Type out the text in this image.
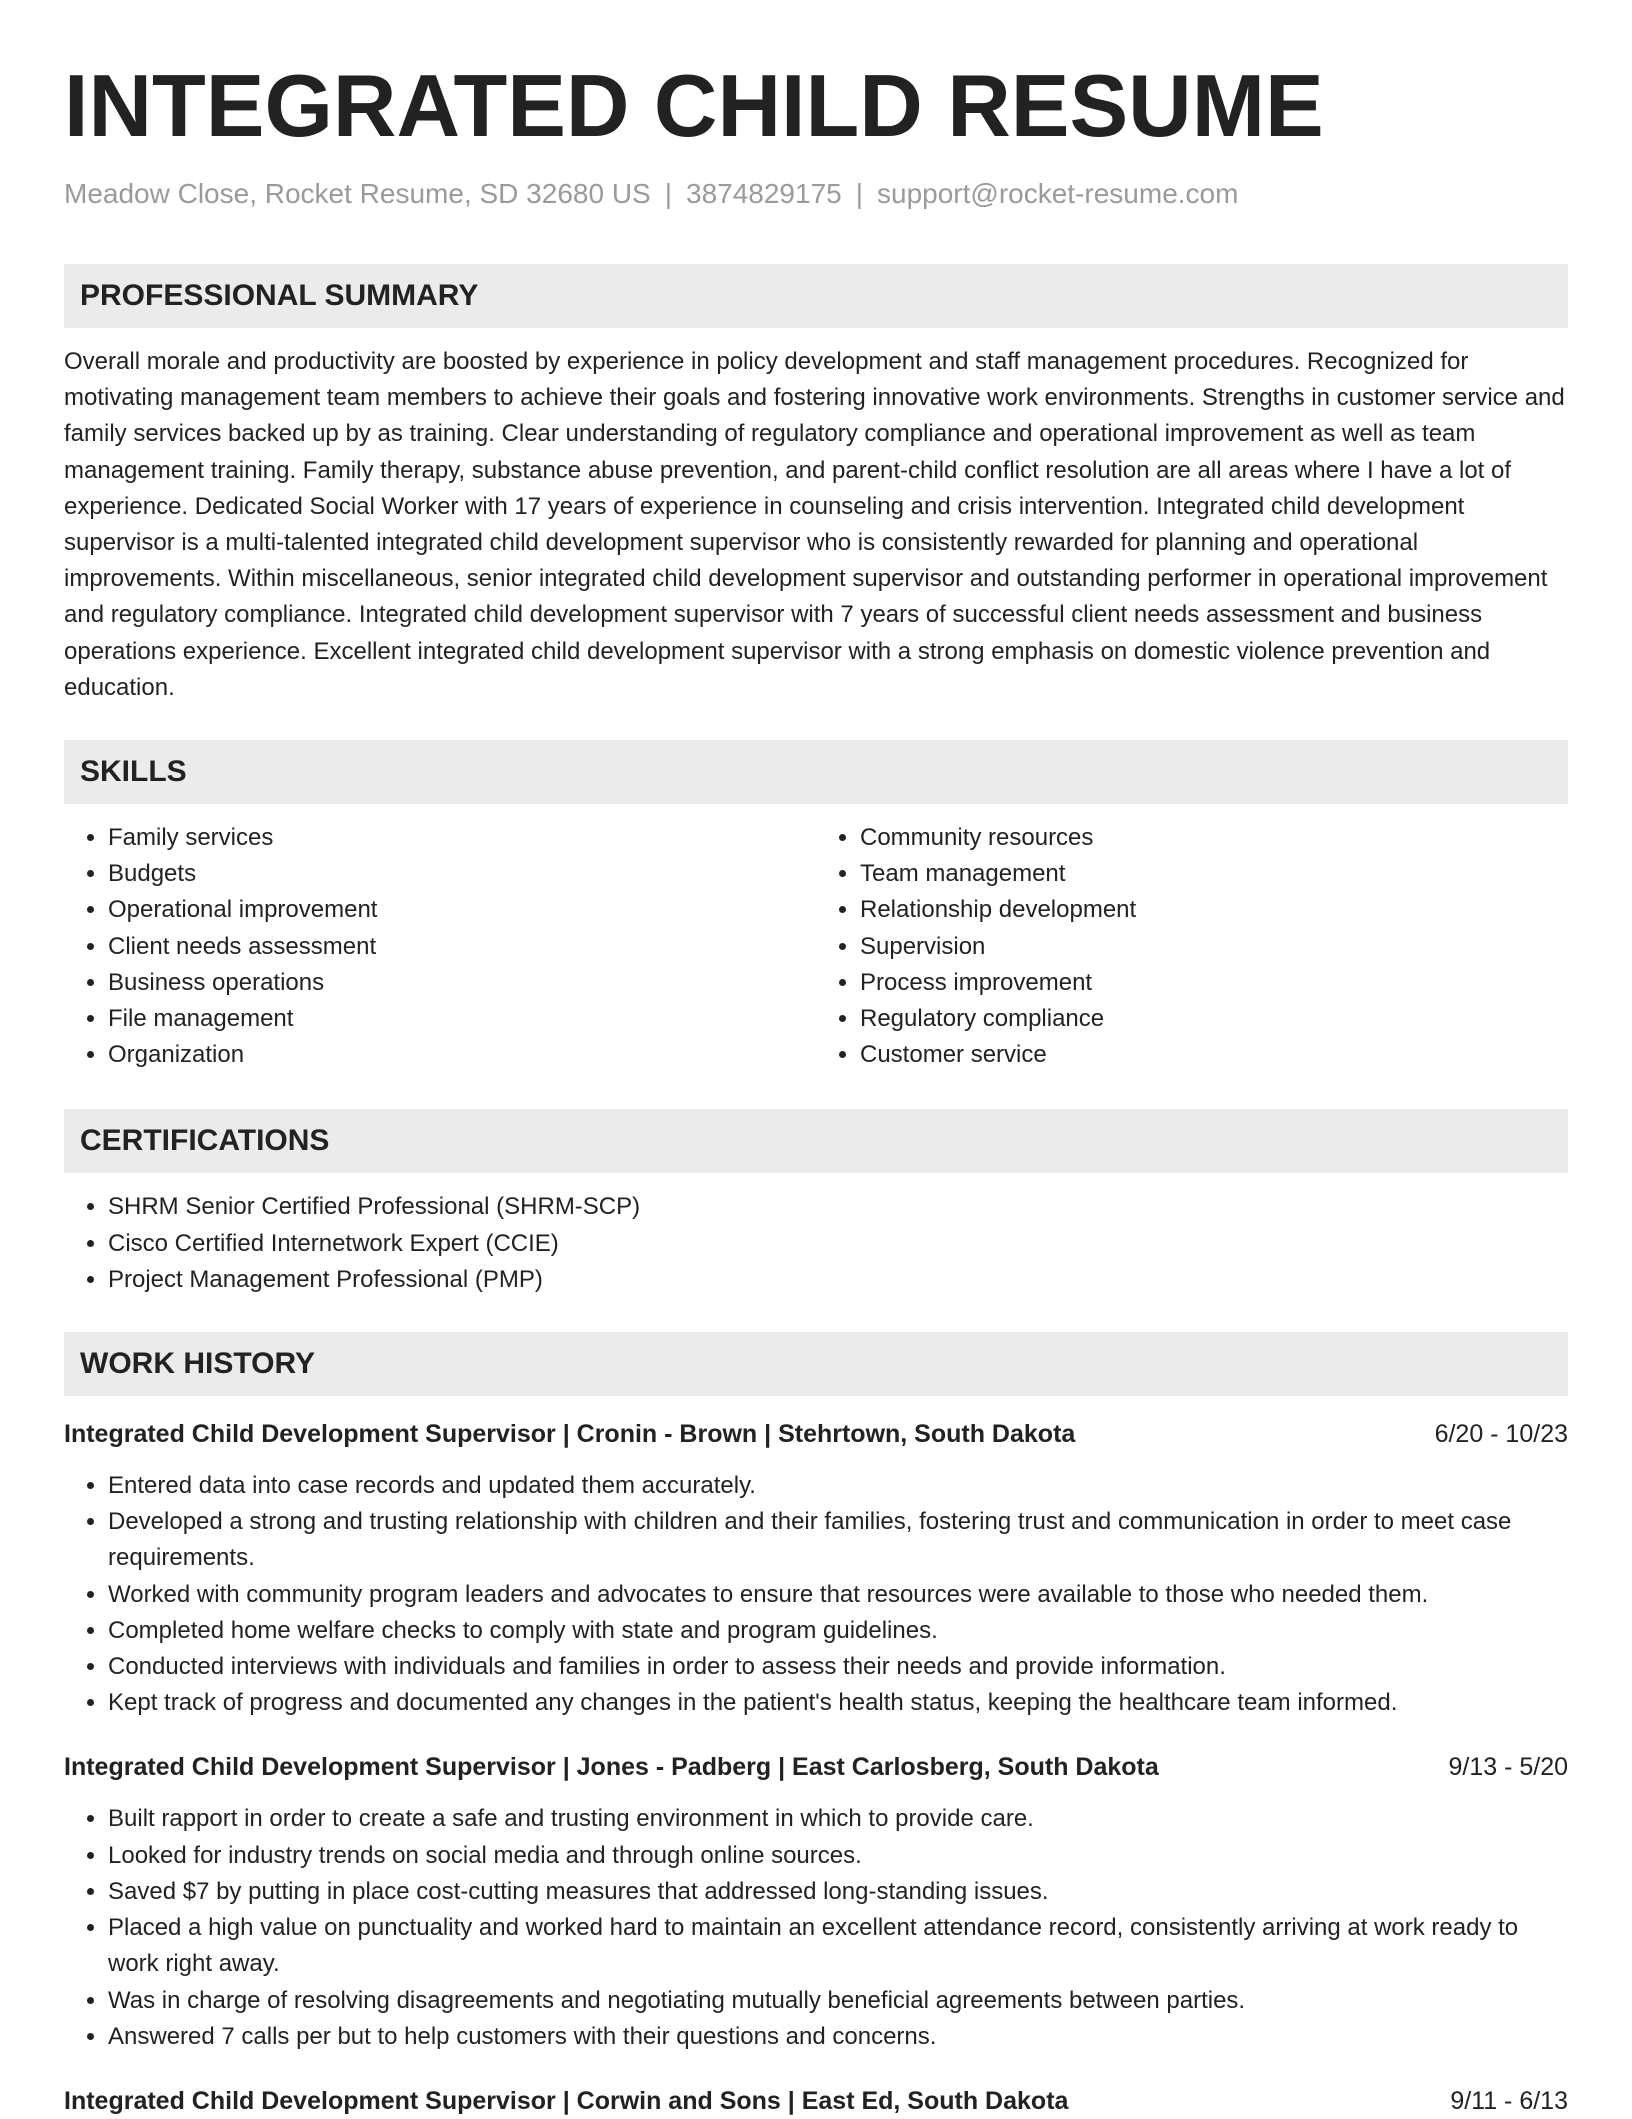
INTEGRATED CHILD RESUME
Meadow Close, Rocket Resume, SD 32680 US | 3874829175 | support@rocket-resume.com
PROFESSIONAL SUMMARY

Overall morale and productivity are boosted by experience in policy development and staff management procedures. Recognized for motivating management team members to achieve their goals and fostering innovative work environments. Strengths in customer service and family services backed up by as training. Clear understanding of regulatory compliance and operational improvement as well as team management training. Family therapy, substance abuse prevention, and parent-child conflict resolution are all areas where I have a lot of experience. Dedicated Social Worker with 17 years of experience in counseling and crisis intervention. Integrated child development supervisor is a multi-talented integrated child development supervisor who is consistently rewarded for planning and operational improvements. Within miscellaneous, senior integrated child development supervisor and outstanding performer in operational improvement and regulatory compliance. Integrated child development supervisor with 7 years of successful client needs assessment and business operations experience. Excellent integrated child development supervisor with a strong emphasis on domestic violence prevention and education.

SKILLS
• Family services
• Budgets
• Operational improvement
• Client needs assessment
• Business operations
• File management
• Organization
• Community resources
• Team management
• Relationship development
• Supervision
• Process improvement
• Regulatory compliance
• Customer service
CERTIFICATIONS
• SHRM Senior Certified Professional (SHRM-SCP)
• Cisco Certified Internetwork Expert (CCIE)
• Project Management Professional (PMP)
WORK HISTORY
Integrated Child Development Supervisor | Cronin - Brown | Stehrtown, South Dakota	6/20 - 10/23
• Entered data into case records and updated them accurately.
• Developed a strong and trusting relationship with children and their families, fostering trust and communication in order to meet case requirements.
• Worked with community program leaders and advocates to ensure that resources were available to those who needed them.
• Completed home welfare checks to comply with state and program guidelines.
• Conducted interviews with individuals and families in order to assess their needs and provide information.
• Kept track of progress and documented any changes in the patient's health status, keeping the healthcare team informed.
Integrated Child Development Supervisor | Jones - Padberg | East Carlosberg, South Dakota	9/13 - 5/20
• Built rapport in order to create a safe and trusting environment in which to provide care.
• Looked for industry trends on social media and through online sources.
• Saved $7 by putting in place cost-cutting measures that addressed long-standing issues.
• Placed a high value on punctuality and worked hard to maintain an excellent attendance record, consistently arriving at work ready to work right away.
• Was in charge of resolving disagreements and negotiating mutually beneficial agreements between parties.
• Answered 7 calls per but to help customers with their questions and concerns.
Integrated Child Development Supervisor | Corwin and Sons | East Ed, South Dakota	9/11 - 6/13
